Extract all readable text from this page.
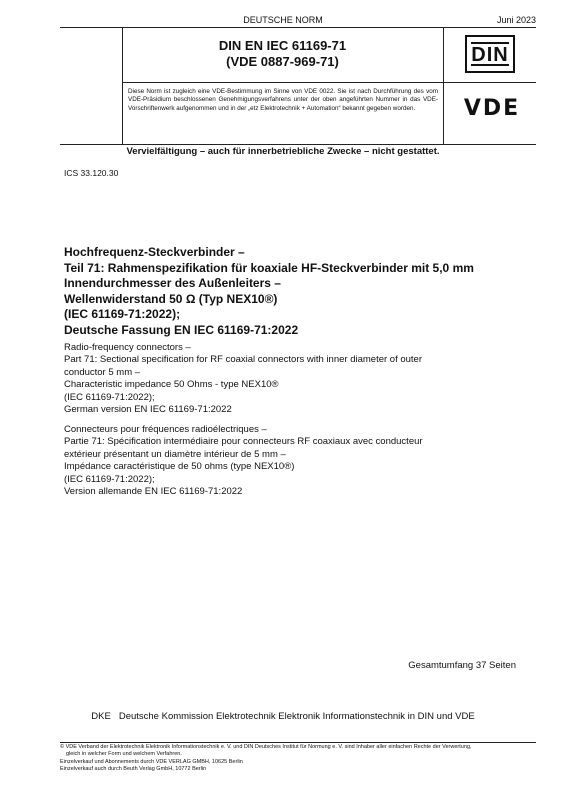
DEUTSCHE NORM	Juni 2023
DIN EN IEC 61169-71
(VDE 0887-969-71)
Diese Norm ist zugleich eine VDE-Bestimmung im Sinne von VDE 0022. Sie ist nach Durchführung des vom VDE-Präsidium beschlossenen Genehmigungsverfahrens unter der oben angeführten Nummer in das VDE-Vorschriftenwerk aufgenommen und in der „etz Elektrotechnik + Automation“ bekannt gegeben worden.
DIN
VDE
Vervielfältigung – auch für innerbetriebliche Zwecke – nicht gestattet.
ICS 33.120.30
Hochfrequenz-Steckverbinder –
Teil 71: Rahmenspezifikation für koaxiale HF-Steckverbinder mit 5,0 mm
Innendurchmesser des Außenleiters –
Wellenwiderstand 50 Ω (Typ NEX10®)
(IEC 61169-71:2022);
Deutsche Fassung EN IEC 61169-71:2022
Radio-frequency connectors –
Part 71: Sectional specification for RF coaxial connectors with inner diameter of outer
conductor 5 mm –
Characteristic impedance 50 Ohms - type NEX10®
(IEC 61169-71:2022);
German version EN IEC 61169-71:2022
Connecteurs pour fréquences radioélectriques –
Partie 71: Spécification intermédiaire pour connecteurs RF coaxiaux avec conducteur
extérieur présentant un diamètre intérieur de 5 mm –
Impédance caractéristique de 50 ohms (type NEX10®)
(IEC 61169-71:2022);
Version allemande EN IEC 61169-71:2022
Gesamtumfang 37 Seiten
DKE Deutsche Kommission Elektrotechnik Elektronik Informationstechnik in DIN und VDE
© VDE Verband der Elektrotechnik Elektronik Informationstechnik e. V. und DIN Deutsches Institut für Normung e. V. sind Inhaber aller einfachen Rechte der Verwertung,
gleich in welcher Form und welchem Verfahren.
Einzelverkauf und Abonnements durch VDE VERLAG GMBH, 10625 Berlin
Einzelverkauf auch durch Beuth Verlag GmbH, 10772 Berlin
